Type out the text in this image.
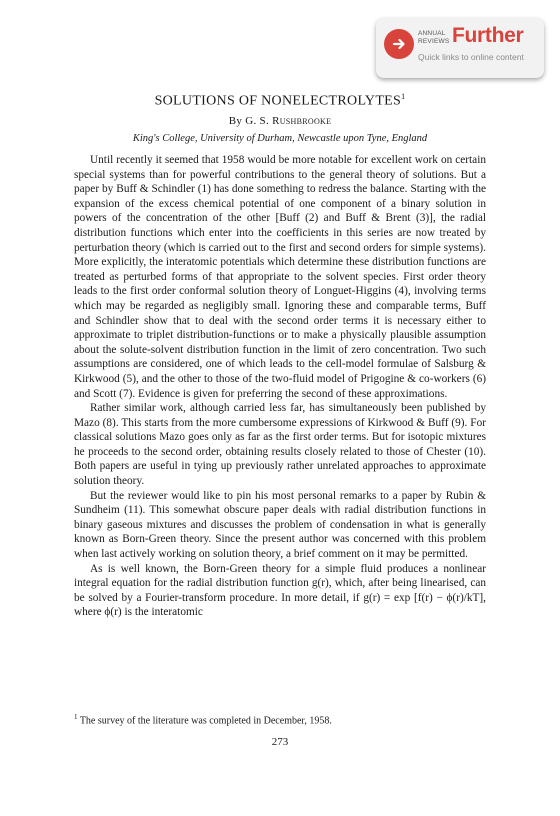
ANNUAL
REVIEWS Further
Quick links to online content
SOLUTIONS OF NONELECTROLYTES$^1$
By G. S. Rushbrooke
King's College, University of Durham, Newcastle upon Tyne, England

Until recently it seemed that 1958 would be more notable for excellent work on certain special systems than for powerful contributions to the general theory of solutions. But a paper by Buff & Schindler (1) has done something to redress the balance. Starting with the expansion of the excess chemical potential of one component of a binary solution in powers of the concentration of the other [Buff (2) and Buff & Brent (3)], the radial distribution functions which enter into the coefficients in this series are now treated by perturbation theory (which is carried out to the first and second orders for simple systems). More explicitly, the interatomic potentials which determine these distribution functions are treated as perturbed forms of that appropriate to the solvent species. First order theory leads to the first order conformal solution theory of Longuet-Higgins (4), involving terms which may be regarded as negligibly small. Ignoring these and comparable terms, Buff and Schindler show that to deal with the second order terms it is necessary either to approximate to triplet distribution-functions or to make a physically plausible assumption about the solute-solvent distribution function in the limit of zero concentration. Two such assumptions are considered, one of which leads to the cell-model formulae of Salsburg & Kirkwood (5), and the other to those of the two-fluid model of Prigogine & co-workers (6) and Scott (7). Evidence is given for preferring the second of these approximations.

Rather similar work, although carried less far, has simultaneously been published by Mazo (8). This starts from the more cumbersome expressions of Kirkwood & Buff (9). For classical solutions Mazo goes only as far as the first order terms. But for isotopic mixtures he proceeds to the second order, obtaining results closely related to those of Chester (10). Both papers are useful in tying up previously rather unrelated approaches to approximate solution theory.

But the reviewer would like to pin his most personal remarks to a paper by Rubin & Sundheim (11). This somewhat obscure paper deals with radial distribution functions in binary gaseous mixtures and discusses the problem of condensation in what is generally known as Born-Green theory. Since the present author was concerned with this problem when last actively working on solution theory, a brief comment on it may be permitted.

As is well known, the Born-Green theory for a simple fluid produces a nonlinear integral equation for the radial distribution function g(r), which, after being linearised, can be solved by a Fourier-transform procedure. In more detail, if g(r) = exp [f(r) − ϕ(r)/kT], where ϕ(r) is the interatomic

$^1$ The survey of the literature was completed in December, 1958.
273
